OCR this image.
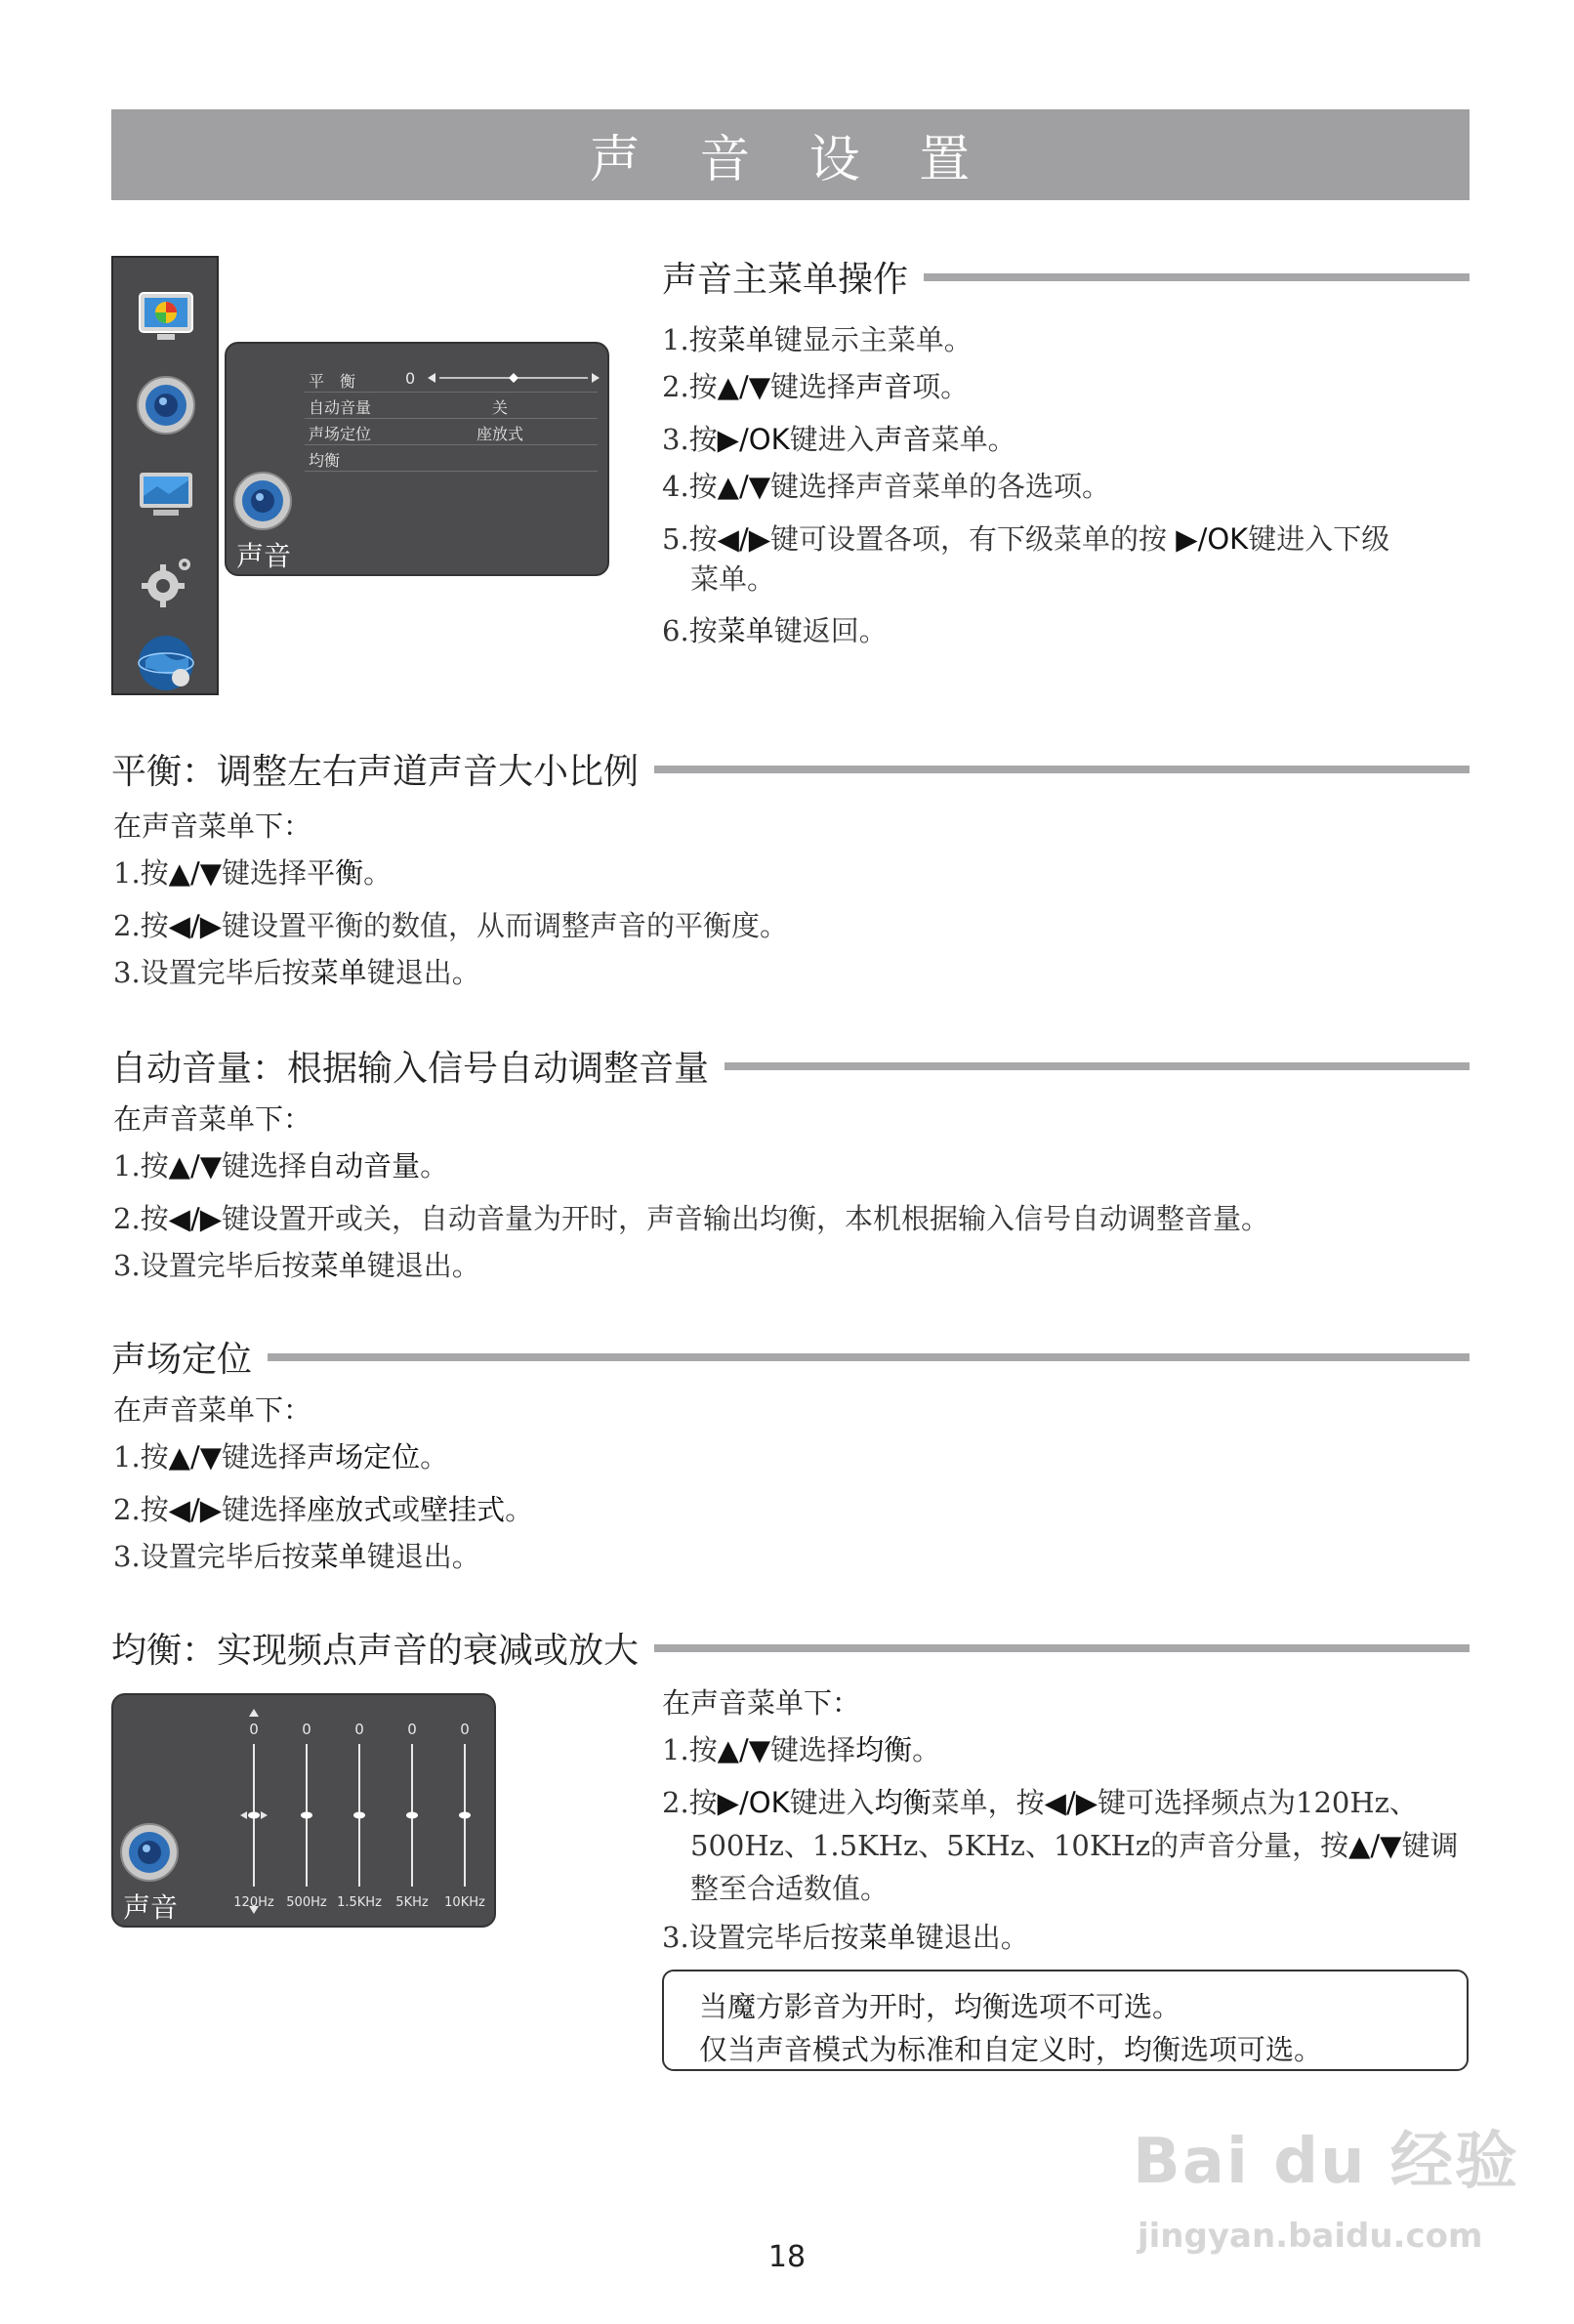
声 音 设 置
平　衡	0
自动音量	关
声场定位	座放式
均衡
声音
声音主菜单操作
1.按菜单键显示主菜单。
2.按▲/▼键选择声音项。
3.按▶/OK键进入声音菜单。
4.按▲/▼键选择声音菜单的各选项。
5.按◀/▶键可设置各项，有下级菜单的按 ▶/OK键进入下级
　菜单。
6.按菜单键返回。
平衡：调整左右声道声音大小比例
在声音菜单下：
1.按▲/▼键选择平衡。
2.按◀/▶键设置平衡的数值，从而调整声音的平衡度。
3.设置完毕后按菜单键退出。
自动音量：根据输入信号自动调整音量
在声音菜单下：
1.按▲/▼键选择自动音量。
2.按◀/▶键设置开或关，自动音量为开时，声音输出均衡，本机根据输入信号自动调整音量。
3.设置完毕后按菜单键退出。
声场定位
在声音菜单下：
1.按▲/▼键选择声场定位。
2.按◀/▶键选择座放式或壁挂式。
3.设置完毕后按菜单键退出。
均衡：实现频点声音的衰减或放大
在声音菜单下：
1.按▲/▼键选择均衡。
2.按▶/OK键进入均衡菜单，按◀/▶键可选择频点为120Hz、
　500Hz、1.5KHz、5KHz、10KHz的声音分量，按▲/▼键调
　整至合适数值。
3.设置完毕后按菜单键退出。
0
120Hz
0
500Hz
0
1.5KHz
0
5KHz
0
10KHz
声音
当魔方影音为开时，均衡选项不可选。
仅当声音模式为标准和自定义时，均衡选项可选。
Bai du 经验
jingyan.baidu.com
18
